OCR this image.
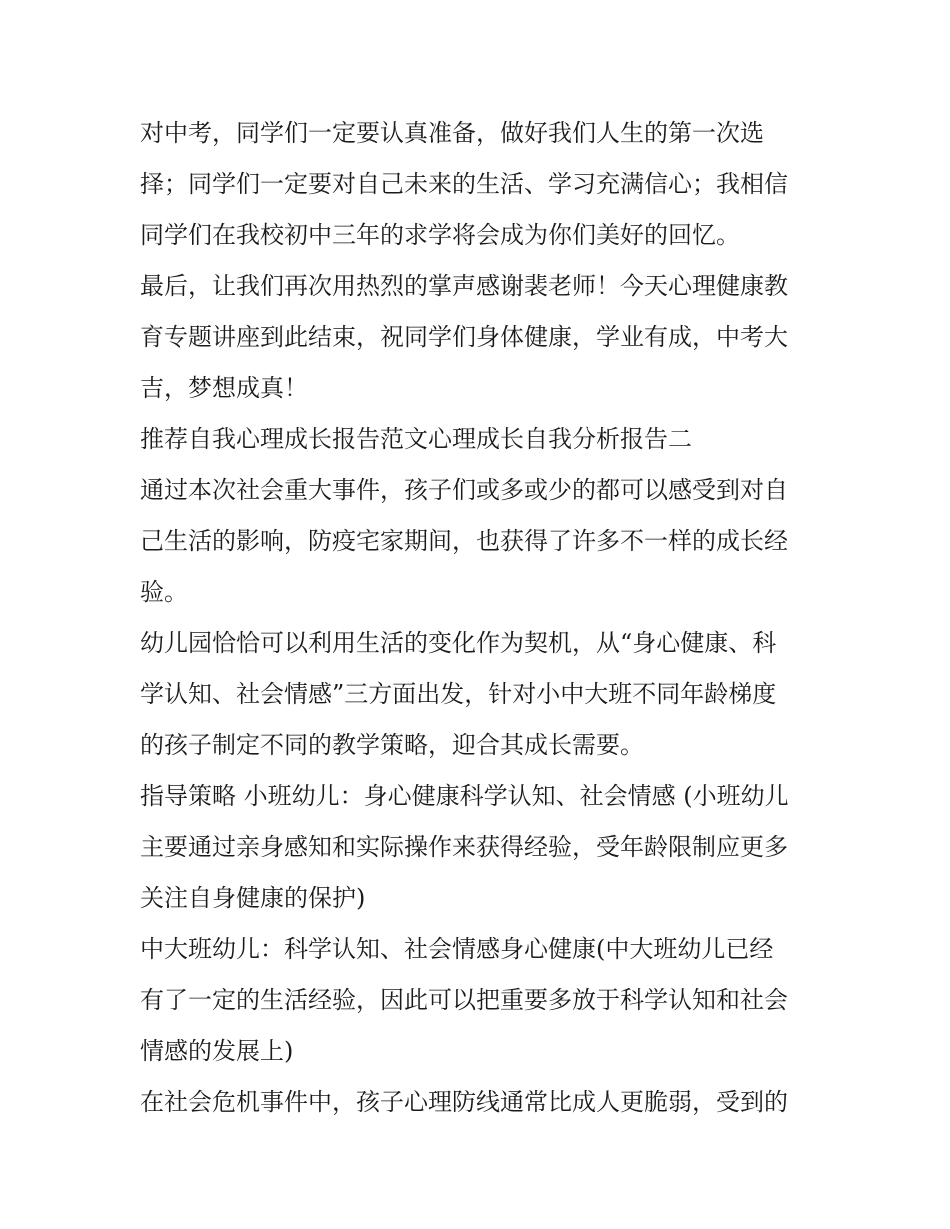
对中考，同学们一定要认真准备，做好我们人生的第一次选
择；同学们一定要对自己未来的生活、学习充满信心；我相信
同学们在我校初中三年的求学将会成为你们美好的回忆。
最后，让我们再次用热烈的掌声感谢裴老师！今天心理健康教
育专题讲座到此结束，祝同学们身体健康，学业有成，中考大
吉，梦想成真！
推荐自我心理成长报告范文心理成长自我分析报告二
通过本次社会重大事件，孩子们或多或少的都可以感受到对自
己生活的影响，防疫宅家期间，也获得了许多不一样的成长经
验。
幼儿园恰恰可以利用生活的变化作为契机，从“身心健康、科
学认知、社会情感”三方面出发，针对小中大班不同年龄梯度
的孩子制定不同的教学策略，迎合其成长需要。
指导策略 小班幼儿：身心健康科学认知、社会情感 (小班幼儿
主要通过亲身感知和实际操作来获得经验，受年龄限制应更多
关注自身健康的保护)
中大班幼儿：科学认知、社会情感身心健康(中大班幼儿已经
有了一定的生活经验，因此可以把重要多放于科学认知和社会
情感的发展上)
在社会危机事件中，孩子心理防线通常比成人更脆弱，受到的
